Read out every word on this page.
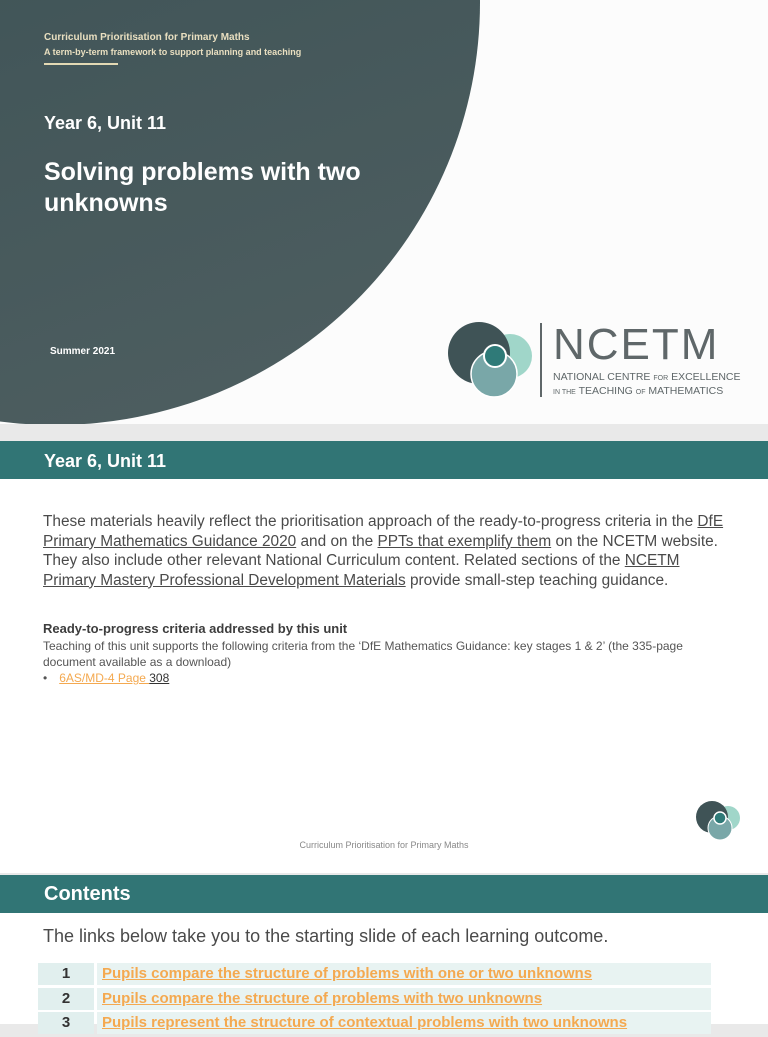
Curriculum Prioritisation for Primary Maths
A term-by-term framework to support planning and teaching
Year 6, Unit 11
Solving problems with two unknowns
Summer 2021	NCETM
NATIONAL CENTRE FOR EXCELLENCE
IN THE TEACHING OF MATHEMATICS
Year 6, Unit 11
These materials heavily reflect the prioritisation approach of the ready-to-progress criteria in the DfE Primary Mathematics Guidance 2020 and on the PPTs that exemplify them on the NCETM website. They also include other relevant National Curriculum content. Related sections of the NCETM Primary Mastery Professional Development Materials provide small-step teaching guidance.
Ready-to-progress criteria addressed by this unit
Teaching of this unit supports the following criteria from the ‘DfE Mathematics Guidance: key stages 1 & 2’ (the 335-page document available as a download)
• 6AS/MD-4 Page 308
Curriculum Prioritisation for Primary Maths
Contents
The links below take you to the starting slide of each learning outcome.
1	Pupils compare the structure of problems with one or two unknowns
2	Pupils compare the structure of problems with two unknowns
3	Pupils represent the structure of contextual problems with two unknowns
